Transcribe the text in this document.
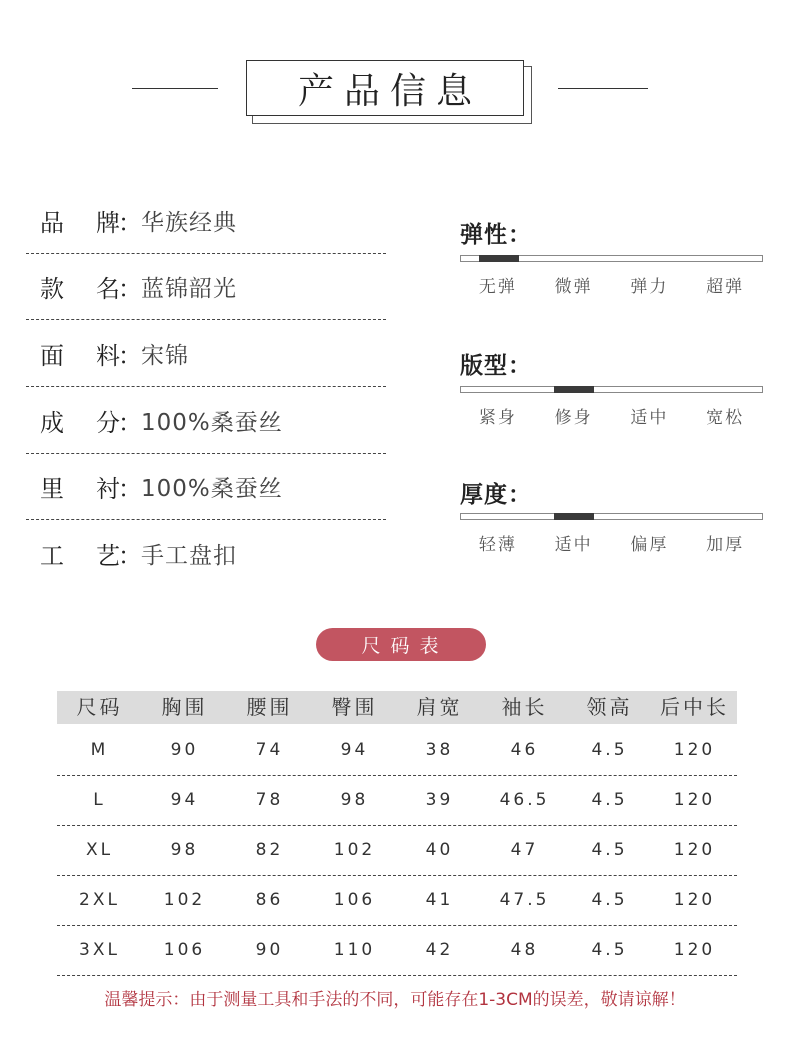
产品信息
品 牌
： 华族经典
款 名
： 蓝锦韶光
面 料
： 宋锦
成 分
： 100%桑蚕丝
里 衬
： 100%桑蚕丝
工 艺
： 手工盘扣
弹性：
无弹	微弹	弹力	超弹
版型：
紧身	修身	适中	宽松
厚度：
轻薄	适中	偏厚	加厚
尺码表
尺码	胸围	腰围	臀围	肩宽	袖长	领高	后中长
M	90	74	94	38	46	4.5	120
L	94	78	98	39	46.5	4.5	120
XL	98	82	102	40	47	4.5	120
2XL	102	86	106	41	47.5	4.5	120
3XL	106	90	110	42	48	4.5	120
温馨提示：由于测量工具和手法的不同，可能存在1-3CM的误差，敬请谅解！
